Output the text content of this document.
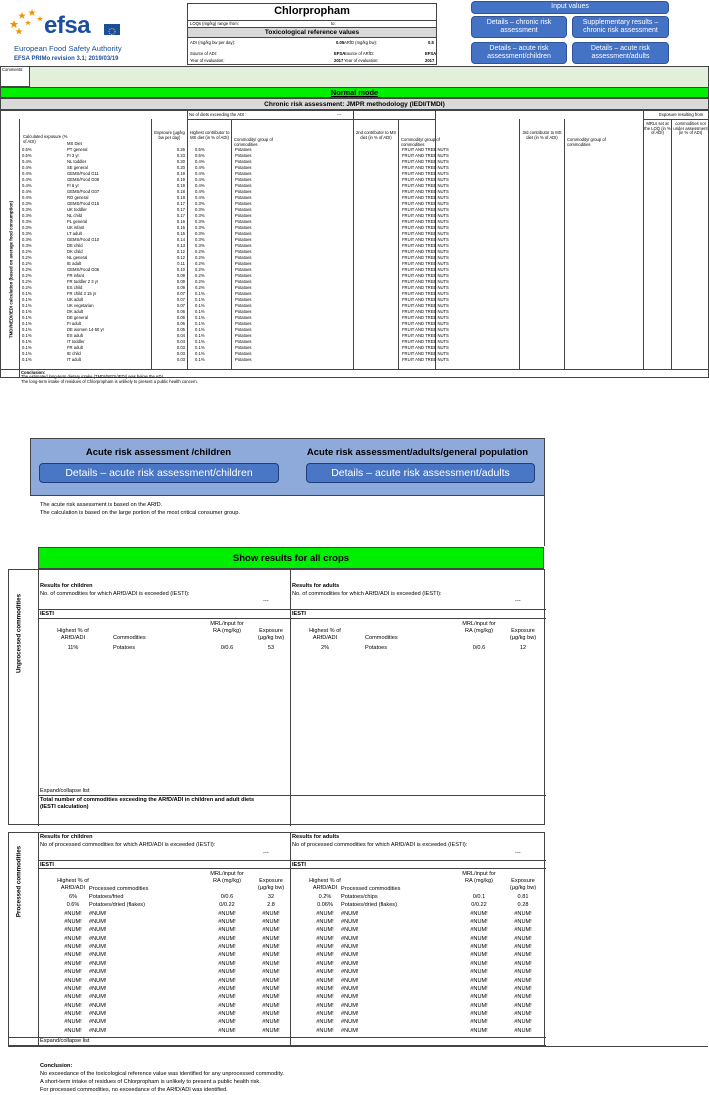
efsa
European Food Safety Authority
EFSA PRIMo revision 3.1; 2019/03/19
Chlorpropham
LOQs (mg/kg) range from:	to:
Toxicological reference values
ADI (mg/kg bw per day):	0.05 ARfD (mg/kg bw):	0.5
Source of ADI:	EFSA
Source of ARfD:	EFSA
Year of evaluation:	2017 Year of evaluation:	2017
Input values
Details – chronic risk assessment
Supplementary results – chronic risk assessment
Details – acute risk assessment/children
Details – acute risk assessment/adults
Comments:
Normal mode
Chronic risk assessment: JMPR methodology (IEDI/TMDI)
No of diets exceeding the ADI :	---	Exposure resulting from
Calculated exposure (% of ADI)	MS Diet
Expsoure (µg/kg bw per day)
Highest contributor to MS diet (in % of ADI)	Commodity/ group of commodities
2nd contributor to MS diet (in % of ADI)	Commodity/ group of commodities
3rd contributor to MS diet (in % of ADI)	Commodity/ group of commodities
MRLs set at the LOQ (in % of ADI)
commodities not under assessment (in % of ADI)
TMDI/NEDI/IEDI calculation (based on average food consumption)
0.5%	PT general	0.26 0.5%	Potatoes	FRUIT AND TREE NUTS
0.5%	FI 3 yr	0.23 0.5%	Potatoes	FRUIT AND TREE NUTS
0.4%	NL toddler	0.20 0.4%	Potatoes	FRUIT AND TREE NUTS
0.4%	SE general	0.20 0.4%	Potatoes	FRUIT AND TREE NUTS
0.4%	GEMS/Food G11	0.19 0.4%	Potatoes	FRUIT AND TREE NUTS
0.4%	GEMS/Food G08	0.19 0.4%	Potatoes	FRUIT AND TREE NUTS
0.4%	FI 6 yr	0.19 0.4%	Potatoes	FRUIT AND TREE NUTS
0.4%	GEMS/Food G07	0.18 0.4%	Potatoes	FRUIT AND TREE NUTS
0.4%	RO general	0.18 0.4%	Potatoes	FRUIT AND TREE NUTS
0.3%	GEMS/Food G15	0.17 0.3%	Potatoes	FRUIT AND TREE NUTS
0.3%	UK toddler	0.17 0.3%	Potatoes	FRUIT AND TREE NUTS
0.3%	NL child	0.17 0.3%	Potatoes	FRUIT AND TREE NUTS
0.3%	PL general	0.16 0.3%	Potatoes	FRUIT AND TREE NUTS
0.3%	UK infant	0.16 0.3%	Potatoes	FRUIT AND TREE NUTS
0.3%	LT adult	0.15 0.3%	Potatoes	FRUIT AND TREE NUTS
0.3%	GEMS/Food G10	0.14 0.3%	Potatoes	FRUIT AND TREE NUTS
0.3%	DE child	0.13 0.3%	Potatoes	FRUIT AND TREE NUTS
0.2%	DK child	0.12 0.2%	Potatoes	FRUIT AND TREE NUTS
0.2%	NL general	0.12 0.2%	Potatoes	FRUIT AND TREE NUTS
0.2%	IE adult	0.11 0.2%	Potatoes	FRUIT AND TREE NUTS
0.2%	GEMS/Food G06	0.10 0.2%	Potatoes	FRUIT AND TREE NUTS
0.2%	FR infant	0.09 0.2%	Potatoes	FRUIT AND TREE NUTS
0.2%	FR toddler 2 3 yr	0.09 0.2%	Potatoes	FRUIT AND TREE NUTS
0.2%	ES child	0.09 0.2%	Potatoes	FRUIT AND TREE NUTS
0.1%	FR child 3 15 yr	0.07 0.1%	Potatoes	FRUIT AND TREE NUTS
0.1%	UK adult	0.07 0.1%	Potatoes	FRUIT AND TREE NUTS
0.1%	UK vegetarian	0.07 0.1%	Potatoes	FRUIT AND TREE NUTS
0.1%	DK adult	0.06 0.1%	Potatoes	FRUIT AND TREE NUTS
0.1%	DE general	0.06 0.1%	Potatoes	FRUIT AND TREE NUTS
0.1%	FI adult	0.06 0.1%	Potatoes	FRUIT AND TREE NUTS
0.1%	DE women 14-50 yr	0.05 0.1%	Potatoes	FRUIT AND TREE NUTS
0.1%	ES adult	0.04 0.1%	Potatoes	FRUIT AND TREE NUTS
0.1%	IT toddler	0.04 0.1%	Potatoes	FRUIT AND TREE NUTS
0.1%	FR adult	0.03 0.1%	Potatoes	FRUIT AND TREE NUTS
0.1%	IE child	0.03 0.1%	Potatoes	FRUIT AND TREE NUTS
0.1%	IT adult	0.03 0.1%	Potatoes	FRUIT AND TREE NUTS
Conclusion:
The estimated long-term dietary intake (TMDI/NEDI/IEDI) was below the ADI.
The long-term intake of residues of Chlorpropham is unlikely to present a public health concern.
Acute risk assessment /children	Acute risk assessment/adults/general population
Details – acute risk assessment/children	Details – acute risk assessment/adults
The acute risk assessment is based on the ARfD.
The calculation is based on the large portion of the most critical consumer group.
Show results for all crops
Unprocessed commodities
Results for children
No. of commodities for which ARfD/ADI is exceeded (IESTI):
---
IESTI
Highest % of ARfD/ADI	Commodities
MRL/input for RA (mg/kg)	Exposure (µg/kg bw)
11%	Potatoes	0/0.6	53
Results for adults
No. of commodities for which ARfD/ADI is exceeded (IESTI):
---
IESTI
Highest % of ARfD/ADI	Commodities
MRL/input for RA (mg/kg)	Exposure (µg/kg bw)
2%	Potatoes	0/0.6	12
Expand/collapse list
Total number of commodities exceeding the ARfD/ADI in children and adult diets (IESTI calculation)
Processed commodities
Results for children
No of processed commodities for which ARfD/ADI is exceeded (IESTI):
---
IESTI
Highest % of ARfD/ADI Processed commodities
MRL/input for RA (mg/kg)	Exposure (µg/kg bw)
6%	Potatoes/fried	0/0.6	32
0.6%	Potatoes/dried (flakes)	0/0.22	2.8
#NUM!	#NUM!	#NUM!	#NUM!
#NUM!	#NUM!	#NUM!	#NUM!
#NUM!	#NUM!	#NUM!	#NUM!
#NUM!	#NUM!	#NUM!	#NUM!
#NUM!	#NUM!	#NUM!	#NUM!
#NUM!	#NUM!	#NUM!	#NUM!
#NUM!	#NUM!	#NUM!	#NUM!
#NUM!	#NUM!	#NUM!	#NUM!
#NUM!	#NUM!	#NUM!	#NUM!
#NUM!	#NUM!	#NUM!	#NUM!
#NUM!	#NUM!	#NUM!	#NUM!
#NUM!	#NUM!	#NUM!	#NUM!
#NUM!	#NUM!	#NUM!	#NUM!
#NUM!	#NUM!	#NUM!	#NUM!
#NUM!	#NUM!	#NUM!	#NUM!
Results for adults
No of processed commodities for which ARfD/ADI is exceeded (IESTI):
---
IESTI
Highest % of ARfD/ADI Processed commodities
MRL/input for RA (mg/kg)	Exposure (µg/kg bw)
0.2%	Potatoes/chips	0/0.1	0.81
0.06%	Potatoes/dried (flakes)	0/0.22	0.28
#NUM!	#NUM!	#NUM!	#NUM!
#NUM!	#NUM!	#NUM!	#NUM!
#NUM!	#NUM!	#NUM!	#NUM!
#NUM!	#NUM!	#NUM!	#NUM!
#NUM!	#NUM!	#NUM!	#NUM!
#NUM!	#NUM!	#NUM!	#NUM!
#NUM!	#NUM!	#NUM!	#NUM!
#NUM!	#NUM!	#NUM!	#NUM!
#NUM!	#NUM!	#NUM!	#NUM!
#NUM!	#NUM!	#NUM!	#NUM!
#NUM!	#NUM!	#NUM!	#NUM!
#NUM!	#NUM!	#NUM!	#NUM!
#NUM!	#NUM!	#NUM!	#NUM!
#NUM!	#NUM!	#NUM!	#NUM!
#NUM!	#NUM!	#NUM!	#NUM!
Expand/collapse list
Conclusion:
No exceedance of the toxicological reference value was identified for any unprocessed commodity.
A short-term intake of residues of Chlorpropham is unlikely to present a public health risk.
For processed commodities, no exceedance of the ARfD/ADI was identified.
